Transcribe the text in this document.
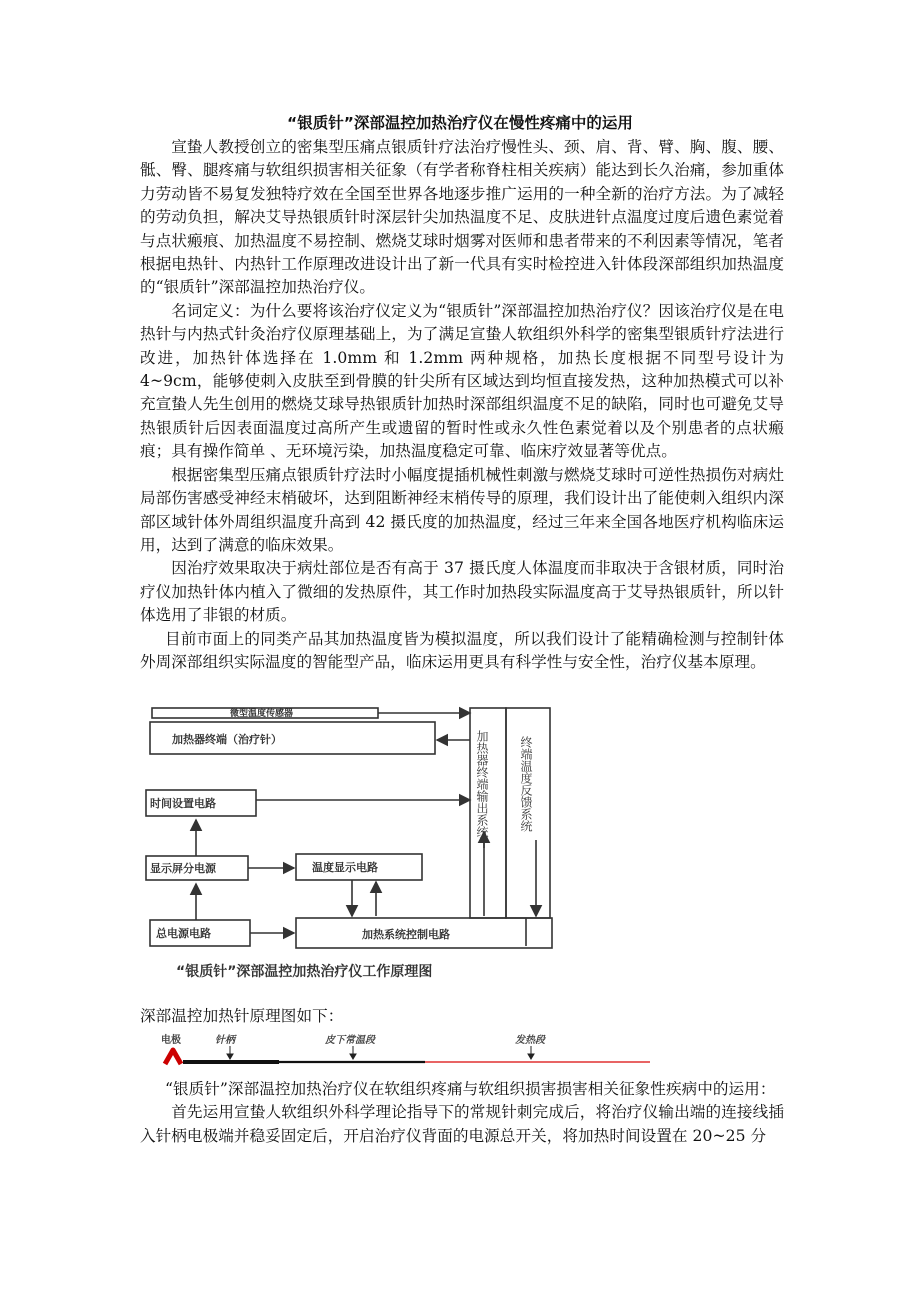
“银质针”深部温控加热治疗仪在慢性疼痛中的运用

宣蛰人教授创立的密集型压痛点银质针疗法治疗慢性头、颈、肩、背、臂、胸、腹、腰、骶、臀、腿疼痛与软组织损害相关征象（有学者称脊柱相关疾病）能达到长久治痛，参加重体力劳动皆不易复发独特疗效在全国至世界各地逐步推广运用的一种全新的治疗方法。为了减轻的劳动负担，解决艾导热银质针时深层针尖加热温度不足、皮肤进针点温度过度后遗色素觉着与点状瘢痕、加热温度不易控制、燃烧艾球时烟雾对医师和患者带来的不利因素等情况，笔者根据电热针、内热针工作原理改进设计出了新一代具有实时检控进入针体段深部组织加热温度的“银质针”深部温控加热治疗仪。

名词定义：为什么要将该治疗仪定义为“银质针”深部温控加热治疗仪？因该治疗仪是在电热针与内热式针灸治疗仪原理基础上，为了满足宣蛰人软组织外科学的密集型银质针疗法进行改进，加热针体选择在 1.0mm 和 1.2mm 两种规格，加热长度根据不同型号设计为 4~9cm，能够使刺入皮肤至到骨膜的针尖所有区域达到均恒直接发热，这种加热模式可以补充宣蛰人先生创用的燃烧艾球导热银质针加热时深部组织温度不足的缺陷，同时也可避免艾导热银质针后因表面温度过高所产生或遗留的暂时性或永久性色素觉着以及个别患者的点状瘢痕；具有操作简单 、无环境污染，加热温度稳定可靠、临床疗效显著等优点。

根据密集型压痛点银质针疗法时小幅度提插机械性刺激与燃烧艾球时可逆性热损伤对病灶局部伤害感受神经末梢破坏，达到阻断神经末梢传导的原理，我们设计出了能使刺入组织内深部区域针体外周组织温度升高到 42 摄氏度的加热温度，经过三年来全国各地医疗机构临床运用，达到了满意的临床效果。

因治疗效果取决于病灶部位是否有高于 37 摄氏度人体温度而非取决于含银材质，同时治疗仪加热针体内植入了微细的发热原件，其工作时加热段实际温度高于艾导热银质针，所以针体选用了非银的材质。

目前市面上的同类产品其加热温度皆为模拟温度，所以我们设计了能精确检测与控制针体外周深部组织实际温度的智能型产品，临床运用更具有科学性与安全性，治疗仪基本原理。

微型温度传感器
加热器终端（治疗针）
时间设置电路
显示屏分电源	温度显示电路
总电源电路	加热系统控制电路
加热器终端输出系统	终端温度反馈系统
“银质针”深部温控加热治疗仪工作原理图

深部温控加热针原理图如下：

电极	针柄	皮下常温段	发热段

“银质针”深部温控加热治疗仪在软组织疼痛与软组织损害损害相关征象性疾病中的运用：

首先运用宣蛰人软组织外科学理论指导下的常规针刺完成后，将治疗仪输出端的连接线插入针柄电极端并稳妥固定后，开启治疗仪背面的电源总开关，将加热时间设置在 20~25 分
